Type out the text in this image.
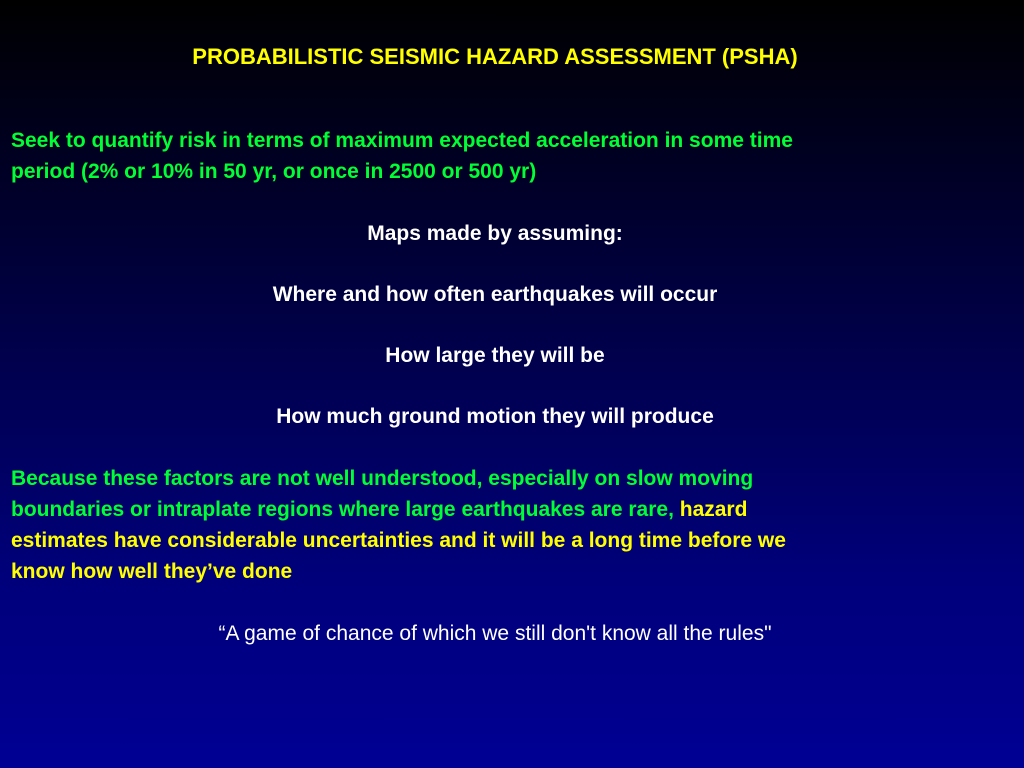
PROBABILISTIC SEISMIC HAZARD ASSESSMENT (PSHA)
Seek to quantify risk in terms of maximum expected acceleration in some time
period (2% or 10% in 50 yr, or once in 2500 or 500 yr)
Maps made by assuming:
Where and how often earthquakes will occur
How large they will be
How much ground motion they will produce
Because these factors are not well understood, especially on slow moving
boundaries or intraplate regions where large earthquakes are rare, hazard
estimates have considerable uncertainties and it will be a long time before we
know how well they’ve done
“A game of chance of which we still don't know all the rules"
